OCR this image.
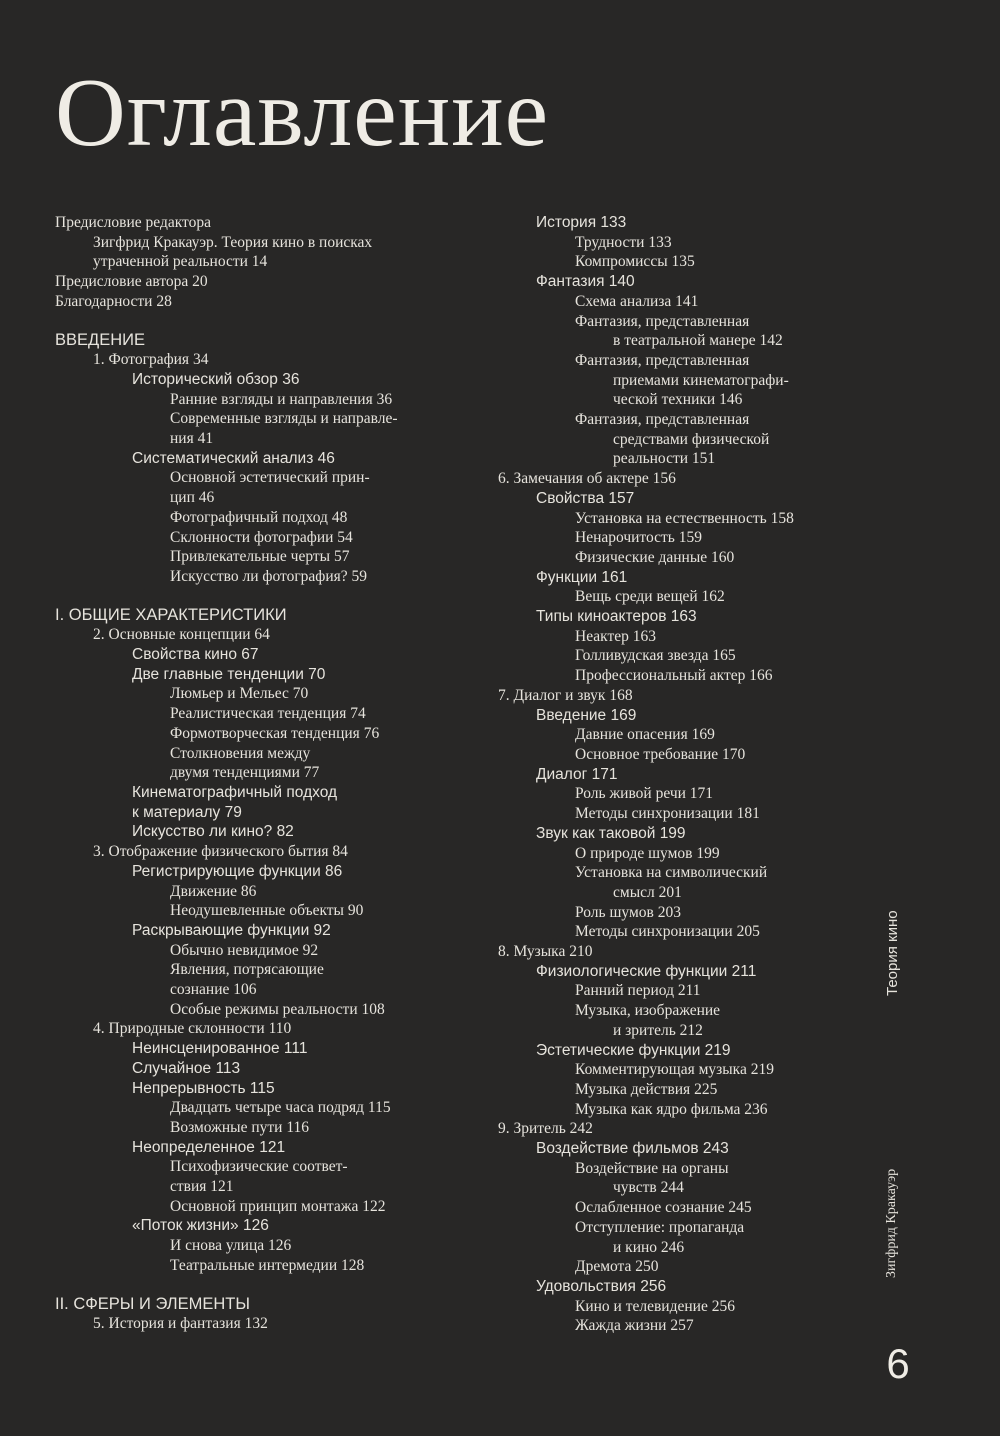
Оглавление
Предисловие редактора
Зигфрид Кракауэр. Теория кино в поисках
утраченной реальности 14
Предисловие автора 20
Благодарности 28
ВВЕДЕНИЕ
1. Фотография 34
Исторический обзор 36
Ранние взгляды и направления 36
Современные взгляды и направле-
ния 41
Систематический анализ 46
Основной эстетический прин-
цип 46
Фотографичный подход 48
Склонности фотографии 54
Привлекательные черты 57
Искусство ли фотография? 59
I. ОБЩИЕ ХАРАКТЕРИСТИКИ
2. Основные концепции 64
Свойства кино 67
Две главные тенденции 70
Люмьер и Мельес 70
Реалистическая тенденция 74
Формотворческая тенденция 76
Столкновения между
двумя тенденциями 77
Кинематографичный подход
к материалу 79
Искусство ли кино? 82
3. Отображение физического бытия 84
Регистрирующие функции 86
Движение 86
Неодушевленные объекты 90
Раскрывающие функции 92
Обычно невидимое 92
Явления, потрясающие
сознание 106
Особые режимы реальности 108
4. Природные склонности 110
Неинсценированное 111
Случайное 113
Непрерывность 115
Двадцать четыре часа подряд 115
Возможные пути 116
Неопределенное 121
Психофизические соответ-
ствия 121
Основной принцип монтажа 122
«Поток жизни» 126
И снова улица 126
Театральные интермедии 128
II. СФЕРЫ И ЭЛЕМЕНТЫ
5. История и фантазия 132
История 133
Трудности 133
Компромиссы 135
Фантазия 140
Схема анализа 141
Фантазия, представленная
в театральной манере 142
Фантазия, представленная
приемами кинематографи-
ческой техники 146
Фантазия, представленная
средствами физической
реальности 151
6. Замечания об актере 156
Свойства 157
Установка на естественность 158
Ненарочитость 159
Физические данные 160
Функции 161
Вещь среди вещей 162
Типы киноактеров 163
Неактер 163
Голливудская звезда 165
Профессиональный актер 166
7. Диалог и звук 168
Введение 169
Давние опасения 169
Основное требование 170
Диалог 171
Роль живой речи 171
Методы синхронизации 181
Звук как таковой 199
О природе шумов 199
Установка на символический
смысл 201
Роль шумов 203
Методы синхронизации 205
8. Музыка 210
Физиологические функции 211
Ранний период 211
Музыка, изображение
и зритель 212
Эстетические функции 219
Комментирующая музыка 219
Музыка действия 225
Музыка как ядро фильма 236
9. Зритель 242
Воздействие фильмов 243
Воздействие на органы
чувств 244
Ослабленное сознание 245
Отступление: пропаганда
и кино 246
Дремота 250
Удовольствия 256
Кино и телевидение 256
Жажда жизни 257
Теория кино
Зигфрид Кракауэр
6
